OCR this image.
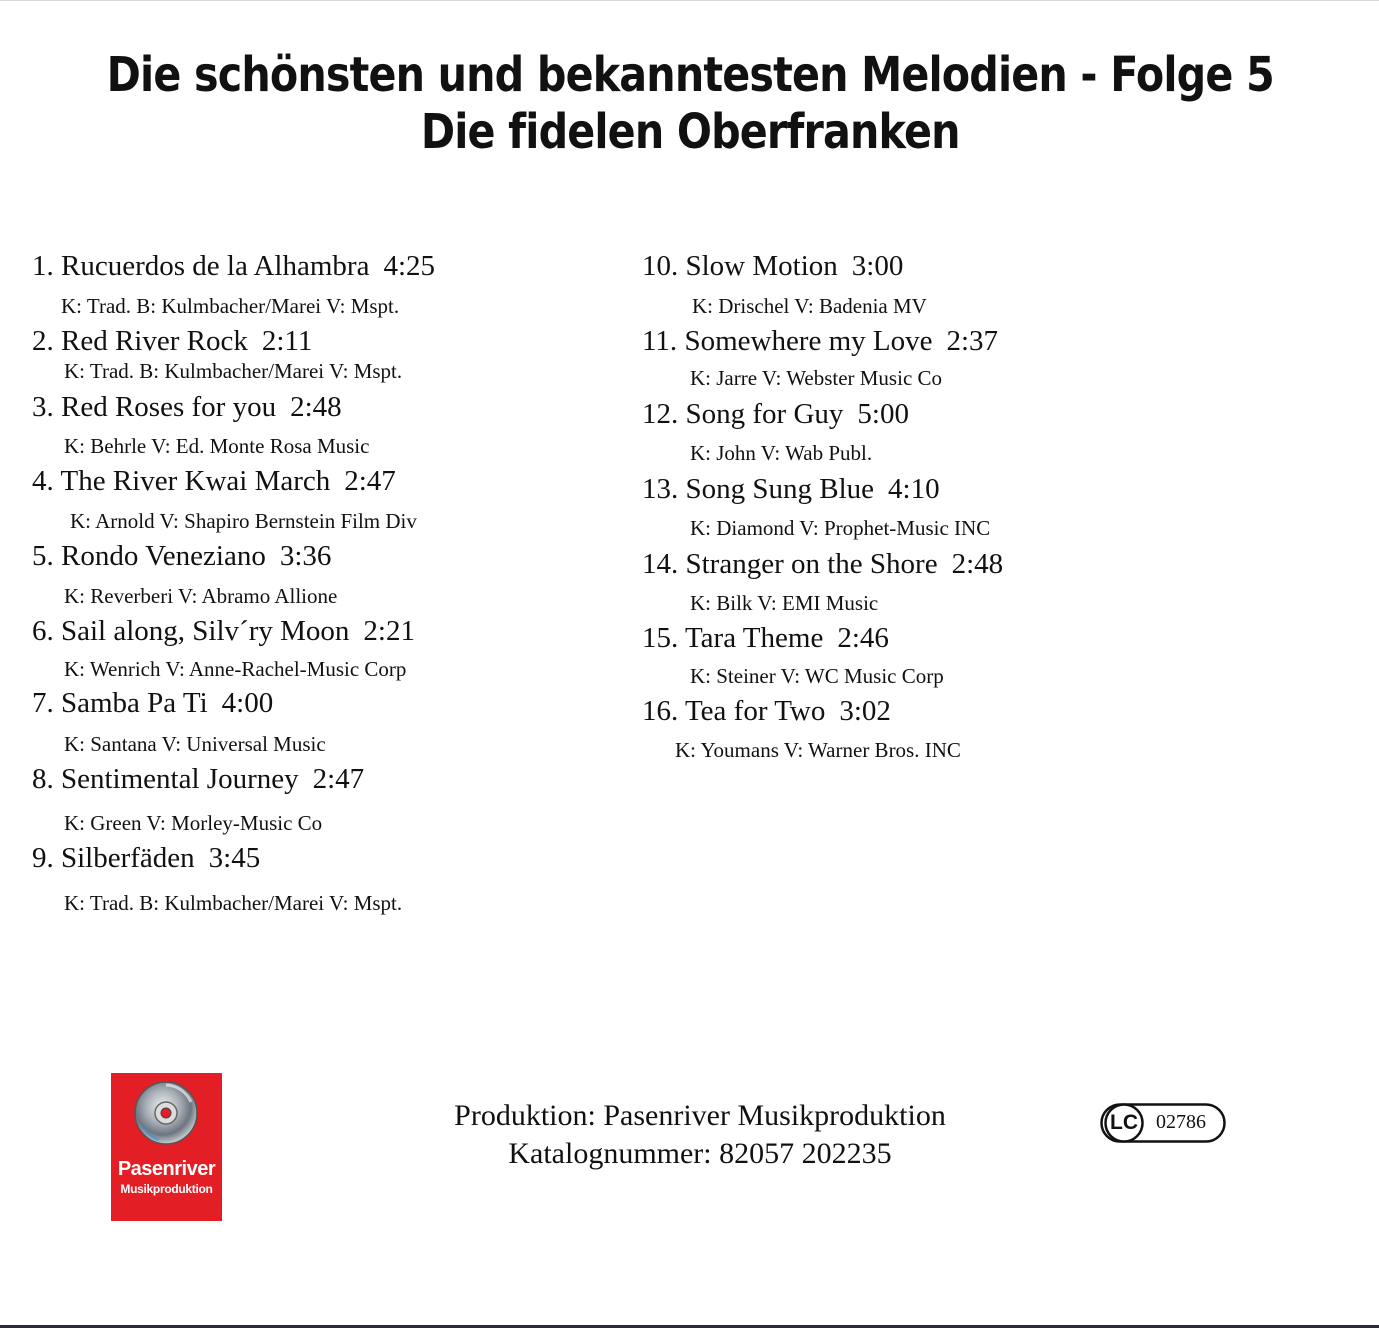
Die schönsten und bekanntesten Melodien - Folge 5
Die fidelen Oberfranken
1. Rucuerdos de la Alhambra 4:25
K: Trad. B: Kulmbacher/Marei V: Mspt.
2. Red River Rock 2:11
K: Trad. B: Kulmbacher/Marei V: Mspt.
3. Red Roses for you 2:48
K: Behrle V: Ed. Monte Rosa Music
4. The River Kwai March 2:47
K: Arnold V: Shapiro Bernstein Film Div
5. Rondo Veneziano 3:36
K: Reverberi V: Abramo Allione
6. Sail along, Silv´ry Moon 2:21
K: Wenrich V: Anne-Rachel-Music Corp
7. Samba Pa Ti 4:00
K: Santana V: Universal Music
8. Sentimental Journey 2:47
K: Green V: Morley-Music Co
9. Silberfäden 3:45
K: Trad. B: Kulmbacher/Marei V: Mspt.
10. Slow Motion 3:00
K: Drischel V: Badenia MV
11. Somewhere my Love 2:37
K: Jarre V: Webster Music Co
12. Song for Guy 5:00
K: John V: Wab Publ.
13. Song Sung Blue 4:10
K: Diamond V: Prophet-Music INC
14. Stranger on the Shore 2:48
K: Bilk V: EMI Music
15. Tara Theme 2:46
K: Steiner V: WC Music Corp
16. Tea for Two 3:02
K: Youmans V: Warner Bros. INC
Pasenriver
Musikproduktion
Produktion: Pasenriver Musikproduktion
Katalognummer: 82057 202235
LC 02786
